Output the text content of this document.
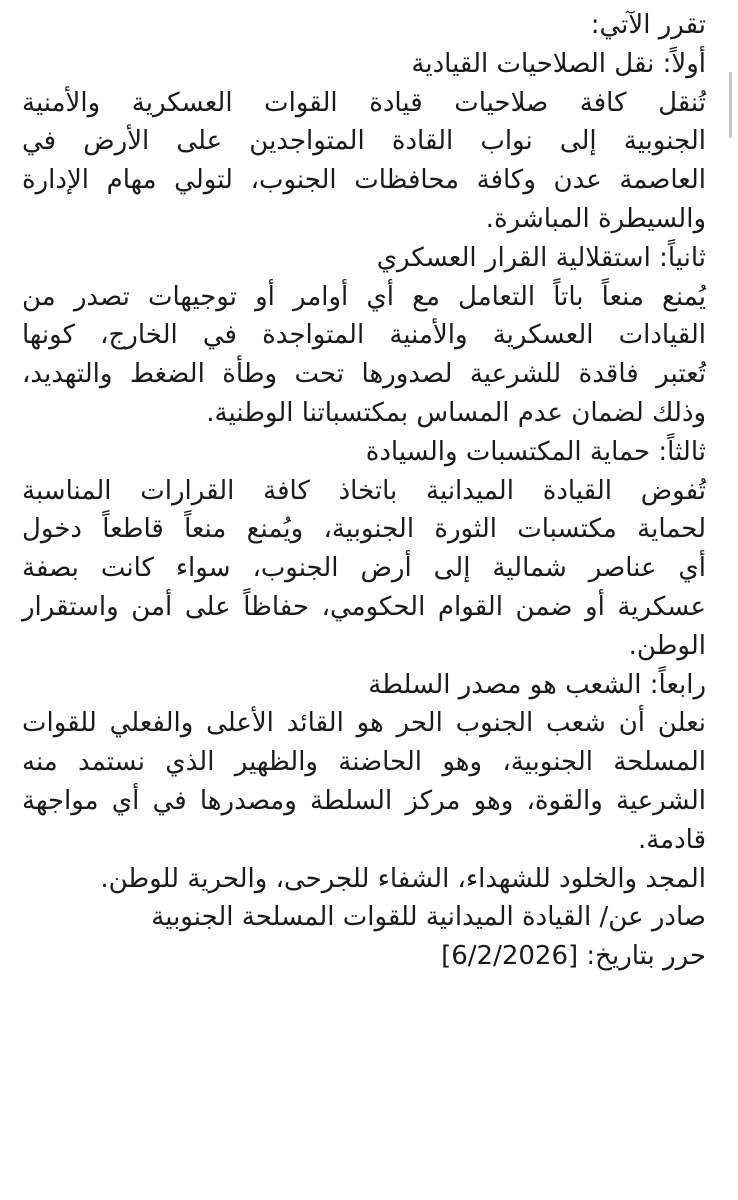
تقرر الآتي:
أولاً: نقل الصلاحيات القيادية
تُنقل كافة صلاحيات قيادة القوات العسكرية والأمنية
الجنوبية إلى نواب القادة المتواجدين على الأرض في
العاصمة عدن وكافة محافظات الجنوب، لتولي مهام الإدارة
والسيطرة المباشرة.
ثانياً: استقلالية القرار العسكري
يُمنع منعاً باتاً التعامل مع أي أوامر أو توجيهات تصدر من
القيادات العسكرية والأمنية المتواجدة في الخارج، كونها
تُعتبر فاقدة للشرعية لصدورها تحت وطأة الضغط والتهديد،
وذلك لضمان عدم المساس بمكتسباتنا الوطنية.
ثالثاً: حماية المكتسبات والسيادة
تُفوض القيادة الميدانية باتخاذ كافة القرارات المناسبة
لحماية مكتسبات الثورة الجنوبية، ويُمنع منعاً قاطعاً دخول
أي عناصر شمالية إلى أرض الجنوب، سواء كانت بصفة
عسكرية أو ضمن القوام الحكومي، حفاظاً على أمن واستقرار
الوطن.
رابعاً: الشعب هو مصدر السلطة
نعلن أن شعب الجنوب الحر هو القائد الأعلى والفعلي للقوات
المسلحة الجنوبية، وهو الحاضنة والظهير الذي نستمد منه
الشرعية والقوة، وهو مركز السلطة ومصدرها في أي مواجهة
قادمة.
المجد والخلود للشهداء، الشفاء للجرحى، والحرية للوطن.
صادر عن/ القيادة الميدانية للقوات المسلحة الجنوبية
حرر بتاريخ: [6/2/2026]
